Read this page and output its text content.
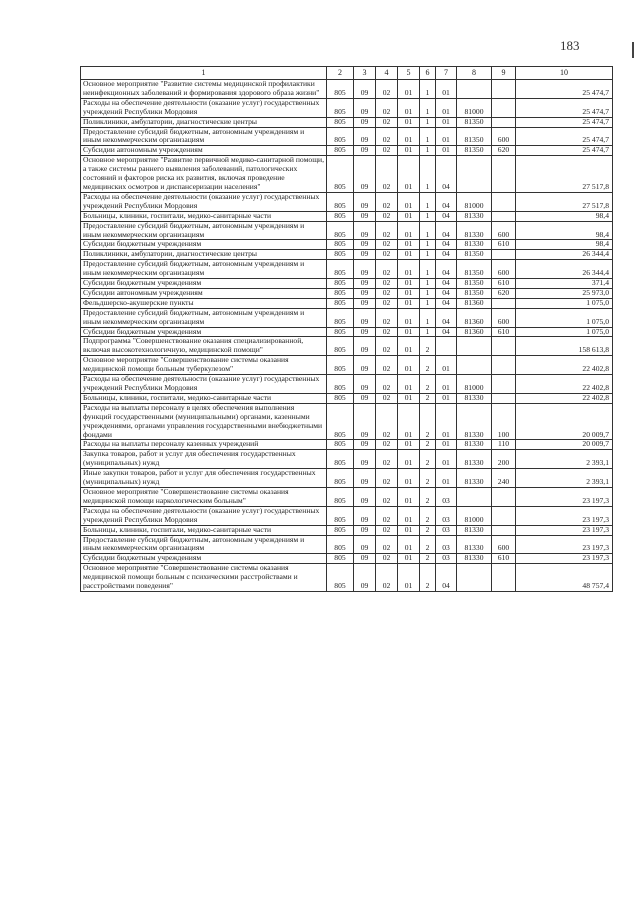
183
1	2	3	4	5	6	7	8	9	10
Основное мероприятие "Развитие системы медицинской профилактики неинфекционных заболеваний и формирования здорового образа жизни"	805	09	02	01	1	01			25 474,7
Расходы на обеспечение деятельности (оказание услуг) государственных учреждений Республики Мордовия	805	09	02	01	1	01	81000		25 474,7
Поликлиники, амбулатории, диагностические центры	805	09	02	01	1	01	81350		25 474,7
Предоставление субсидий бюджетным, автономным учреждениям и иным некоммерческим организациям	805	09	02	01	1	01	81350	600	25 474,7
Субсидии автономным учреждениям	805	09	02	01	1	01	81350	620	25 474,7
Основное мероприятие "Развитие первичной медико-санитарной помощи, а также системы раннего выявления заболеваний, патологических состояний и факторов риска их развития, включая проведение медицинских осмотров и диспансеризации населения"	805	09	02	01	1	04			27 517,8
Расходы на обеспечение деятельности (оказание услуг) государственных учреждений Республики Мордовия	805	09	02	01	1	04	81000		27 517,8
Больницы, клиники, госпитали, медико-санитарные части	805	09	02	01	1	04	81330		98,4
Предоставление субсидий бюджетным, автономным учреждениям и иным некоммерческим организациям	805	09	02	01	1	04	81330	600	98,4
Субсидии бюджетным учреждениям	805	09	02	01	1	04	81330	610	98,4
Поликлиники, амбулатории, диагностические центры	805	09	02	01	1	04	81350		26 344,4
Предоставление субсидий бюджетным, автономным учреждениям и иным некоммерческим организациям	805	09	02	01	1	04	81350	600	26 344,4
Субсидии бюджетным учреждениям	805	09	02	01	1	04	81350	610	371,4
Субсидии автономным учреждениям	805	09	02	01	1	04	81350	620	25 973,0
Фельдшерско-акушерские пункты	805	09	02	01	1	04	81360		1 075,0
Предоставление субсидий бюджетным, автономным учреждениям и иным некоммерческим организациям	805	09	02	01	1	04	81360	600	1 075,0
Субсидии бюджетным учреждениям	805	09	02	01	1	04	81360	610	1 075,0
Подпрограмма "Совершенствование оказания специализированной, включая высокотехнологичную, медицинской помощи"	805	09	02	01	2				158 613,8
Основное мероприятие "Совершенствование системы оказания медицинской помощи больным туберкулезом"	805	09	02	01	2	01			22 402,8
Расходы на обеспечение деятельности (оказание услуг) государственных учреждений Республики Мордовия	805	09	02	01	2	01	81000		22 402,8
Больницы, клиники, госпитали, медико-санитарные части	805	09	02	01	2	01	81330		22 402,8
Расходы на выплаты персоналу в целях обеспечения выполнения функций государственными (муниципальными) органами, казенными учреждениями, органами управления государственными внебюджетными фондами	805	09	02	01	2	01	81330	100	20 009,7
Расходы на выплаты персоналу казенных учреждений	805	09	02	01	2	01	81330	110	20 009,7
Закупка товаров, работ и услуг для обеспечения государственных (муниципальных) нужд	805	09	02	01	2	01	81330	200	2 393,1
Иные закупки товаров, работ и услуг для обеспечения государственных (муниципальных) нужд	805	09	02	01	2	01	81330	240	2 393,1
Основное мероприятие "Совершенствование системы оказания медицинской помощи наркологическим больным"	805	09	02	01	2	03			23 197,3
Расходы на обеспечение деятельности (оказание услуг) государственных учреждений Республики Мордовия	805	09	02	01	2	03	81000		23 197,3
Больницы, клиники, госпитали, медико-санитарные части	805	09	02	01	2	03	81330		23 197,3
Предоставление субсидий бюджетным, автономным учреждениям и иным некоммерческим организациям	805	09	02	01	2	03	81330	600	23 197,3
Субсидии бюджетным учреждениям	805	09	02	01	2	03	81330	610	23 197,3
Основное мероприятие "Совершенствование системы оказания медицинской помощи больным с психическими расстройствами и расстройствами поведения"	805	09	02	01	2	04			48 757,4
